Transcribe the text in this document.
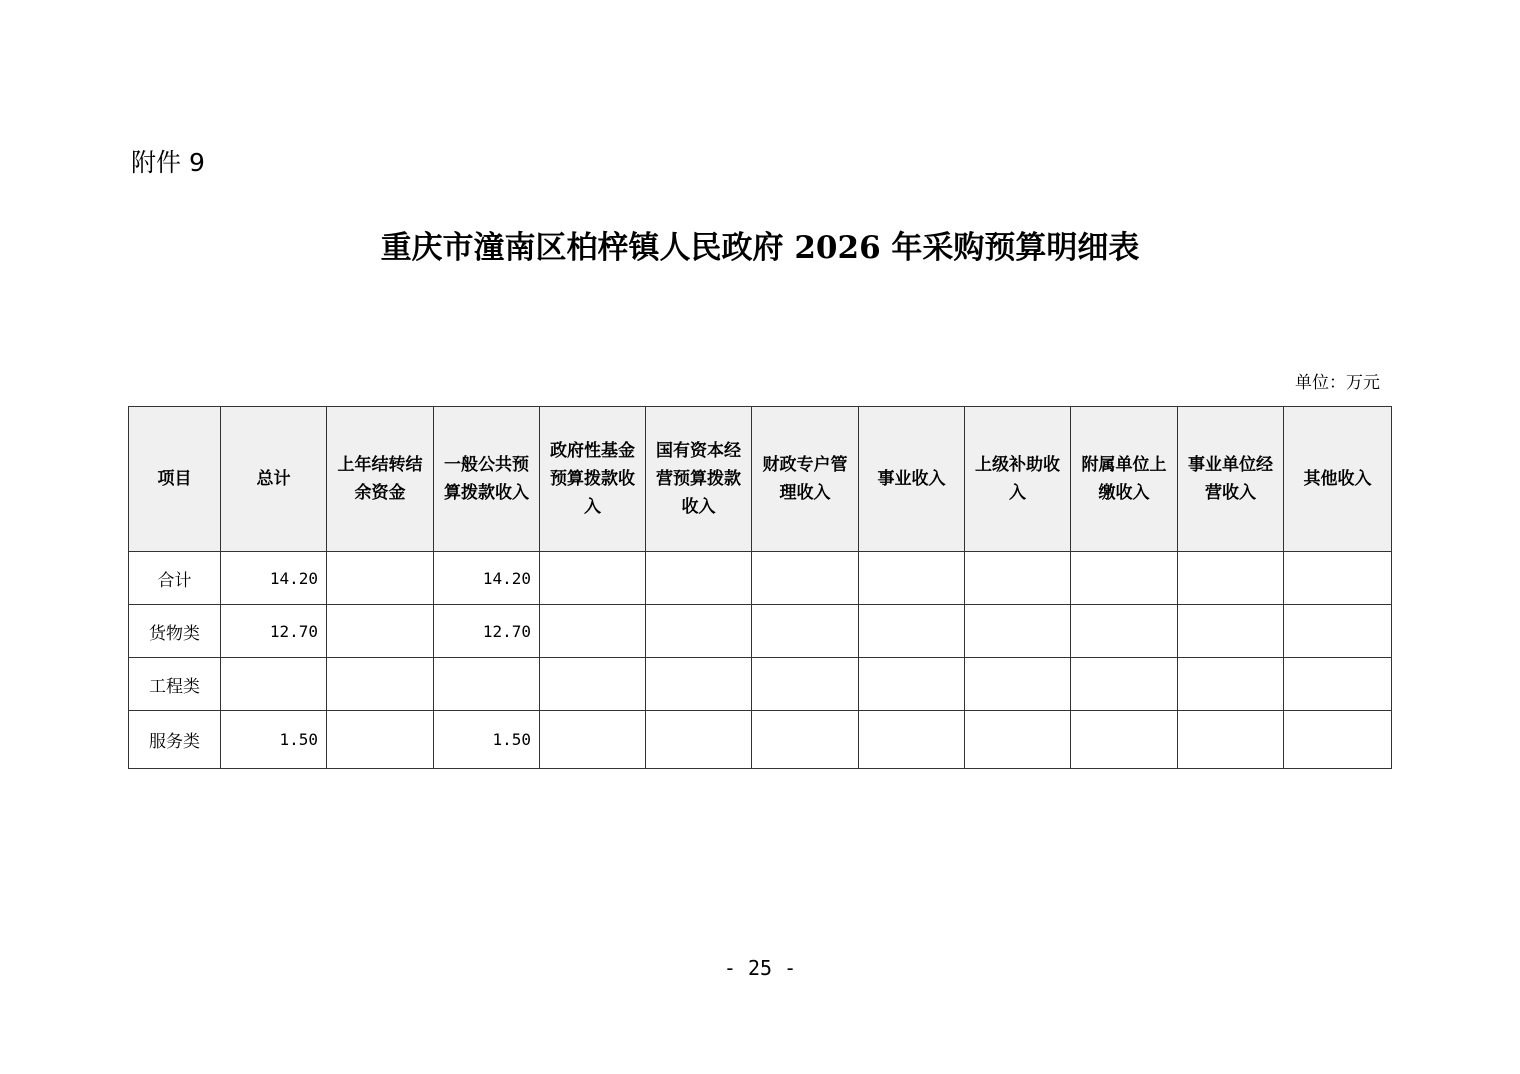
附件 9
重庆市潼南区柏梓镇人民政府 2026 年采购预算明细表
单位：万元
项目	总计	上年结转结余资金	一般公共预算拨款收入	政府性基金预算拨款收入	国有资本经营预算拨款收入	财政专户管理收入	事业收入	上级补助收入	附属单位上缴收入	事业单位经营收入	其他收入
合计	14.20		14.20								
货物类	12.70		12.70								
工程类											
服务类	1.50		1.50								
- 25 -
